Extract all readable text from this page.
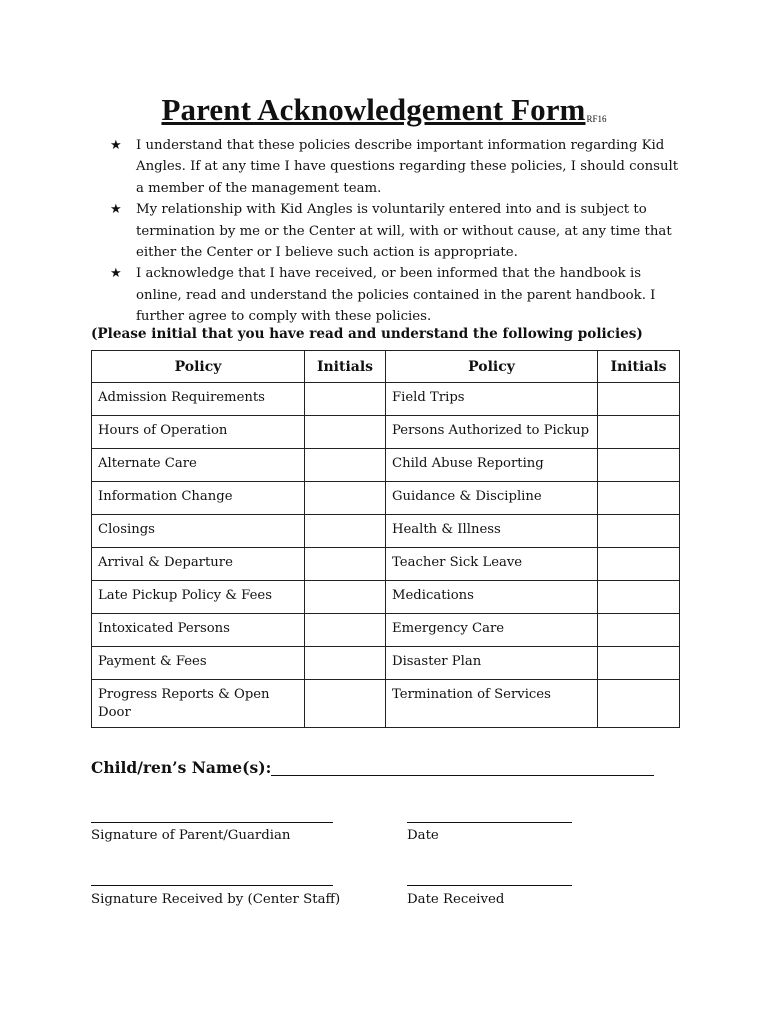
Parent Acknowledgement FormRF16
★ I understand that these policies describe important information regarding Kid Angles. If at any time I have questions regarding these policies, I should consult a member of the management team.
★ My relationship with Kid Angles is voluntarily entered into and is subject to termination by me or the Center at will, with or without cause, at any time that either the Center or I believe such action is appropriate.
★ I acknowledge that I have received, or been informed that the handbook is online, read and understand the policies contained in the parent handbook. I further agree to comply with these policies.
(Please initial that you have read and understand the following policies)
Policy	Initials	Policy	Initials
Admission Requirements		Field Trips	
Hours of Operation		Persons Authorized to Pickup	
Alternate Care		Child Abuse Reporting	
Information Change		Guidance & Discipline	
Closings		Health & Illness	
Arrival & Departure		Teacher Sick Leave	
Late Pickup Policy & Fees		Medications	
Intoxicated Persons		Emergency Care	
Payment & Fees		Disaster Plan	
Progress Reports & Open Door		Termination of Services	
Child/ren’s Name(s):
Signature of Parent/Guardian	Date
Signature Received by (Center Staff)	Date Received
